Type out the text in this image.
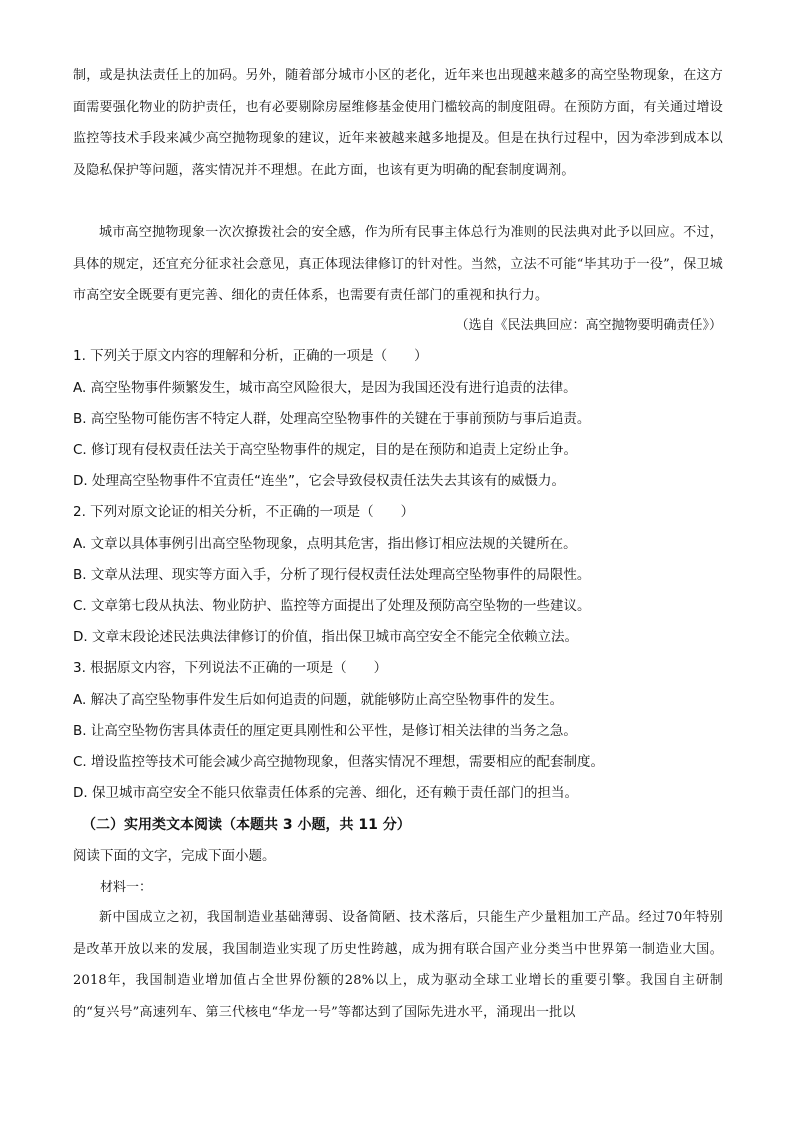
制，或是执法责任上的加码。另外，随着部分城市小区的老化，近年来也出现越来越多的高空坠物现象，在这方面需要强化物业的防护责任，也有必要剔除房屋维修基金使用门槛较高的制度阻碍。在预防方面，有关通过增设监控等技术手段来减少高空抛物现象的建议，近年来被越来越多地提及。但是在执行过程中，因为牵涉到成本以及隐私保护等问题，落实情况并不理想。在此方面，也该有更为明确的配套制度调剂。

城市高空抛物现象一次次撩拨社会的安全感，作为所有民事主体总行为准则的民法典对此予以回应。不过，具体的规定，还宜充分征求社会意见，真正体现法律修订的针对性。当然，立法不可能“毕其功于一役”，保卫城市高空安全既要有更完善、细化的责任体系，也需要有责任部门的重视和执行力。

（选自《民法典回应：高空抛物要明确责任》）

1. 下列关于原文内容的理解和分析，正确的一项是（　　）

A. 高空坠物事件频繁发生，城市高空风险很大，是因为我国还没有进行追责的法律。

B. 高空坠物可能伤害不特定人群，处理高空坠物事件的关键在于事前预防与事后追责。

C. 修订现有侵权责任法关于高空坠物事件的规定，目的是在预防和追责上定纷止争。

D. 处理高空坠物事件不宜责任“连坐”，它会导致侵权责任法失去其该有的威慑力。

2. 下列对原文论证的相关分析，不正确的一项是（　　）

A. 文章以具体事例引出高空坠物现象，点明其危害，指出修订相应法规的关键所在。

B. 文章从法理、现实等方面入手，分析了现行侵权责任法处理高空坠物事件的局限性。

C. 文章第七段从执法、物业防护、监控等方面提出了处理及预防高空坠物的一些建议。

D. 文章末段论述民法典法律修订的价值，指出保卫城市高空安全不能完全依赖立法。

3. 根据原文内容，下列说法不正确的一项是（　　）

A. 解决了高空坠物事件发生后如何追责的问题，就能够防止高空坠物事件的发生。

B. 让高空坠物伤害具体责任的厘定更具刚性和公平性，是修订相关法律的当务之急。

C. 增设监控等技术可能会减少高空抛物现象，但落实情况不理想，需要相应的配套制度。

D. 保卫城市高空安全不能只依靠责任体系的完善、细化，还有赖于责任部门的担当。

（二）实用类文本阅读（本题共 3 小题，共 11 分）

阅读下面的文字，完成下面小题。

材料一：

新中国成立之初，我国制造业基础薄弱、设备简陋、技术落后，只能生产少量粗加工产品。经过70年特别是改革开放以来的发展，我国制造业实现了历史性跨越，成为拥有联合国产业分类当中世界第一制造业大国。2018年，我国制造业增加值占全世界份额的28%以上，成为驱动全球工业增长的重要引擎。我国自主研制的“复兴号”高速列车、第三代核电“华龙一号”等都达到了国际先进水平，涌现出一批以
